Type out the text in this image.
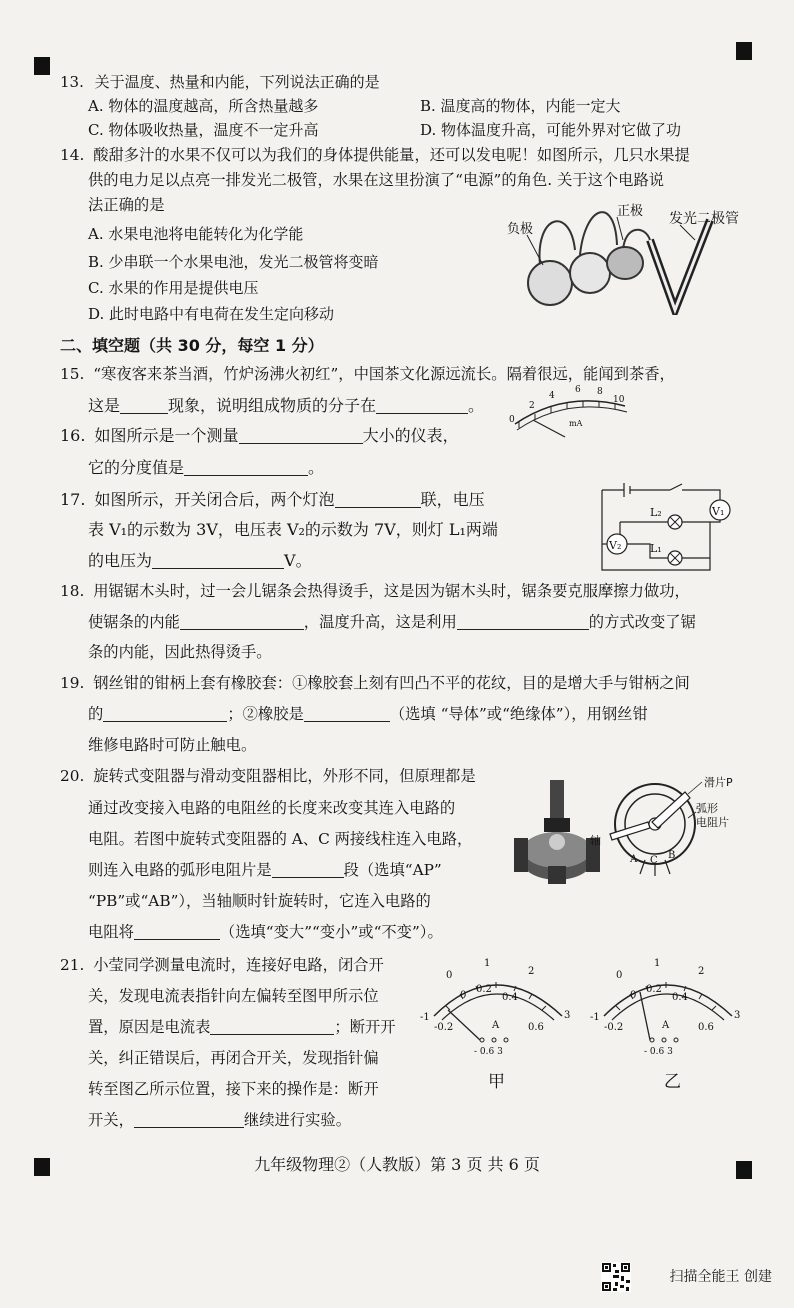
13. 关于温度、热量和内能，下列说法正确的是
A. 物体的温度越高，所含热量越多	B. 温度高的物体，内能一定大
C. 物体吸收热量，温度不一定升高	D. 物体温度升高，可能外界对它做了功
14. 酸甜多汁的水果不仅可以为我们的身体提供能量，还可以发电呢！如图所示，几只水果提
供的电力足以点亮一排发光二极管，水果在这里扮演了“电源”的角色. 关于这个电路说
法正确的是
A. 水果电池将电能转化为化学能
B. 少串联一个水果电池，发光二极管将变暗
C. 水果的作用是提供电压
D. 此时电路中有电荷在发生定向移动
负极
正极 发光二极管
二、填空题（共 30 分，每空 1 分）
15. “寒夜客来茶当酒，竹炉汤沸火初红”，中国茶文化源远流长。隔着很远，能闻到茶香，
这是	现象，说明组成物质的分子在	。
0
2
4
6 8
10
mA
16. 如图所示是一个测量	大小的仪表，
它的分度值是	。
V₁
V₂
L₂
L₁
17. 如图所示，开关闭合后，两个灯泡	联，电压
表 V₁的示数为 3V，电压表 V₂的示数为 7V，则灯 L₁两端
的电压为	V。
18. 用锯锯木头时，过一会儿锯条会热得烫手，这是因为锯木头时，锯条要克服摩擦力做功，
使锯条的内能	，温度升高，这是利用	的方式改变了锯
条的内能，因此热得烫手。
19. 钢丝钳的钳柄上套有橡胶套：①橡胶套上刻有凹凸不平的花纹，目的是增大手与钳柄之间
的	；②橡胶是	（选填 “导体”或“绝缘体”），用钢丝钳
维修电路时可防止触电。
20. 旋转式变阻器与滑动变阻器相比，外形不同，但原理都是
通过改变接入电路的电阻丝的长度来改变其连入电路的
电阻。若图中旋转式变阻器的 A、C 两接线柱连入电路，
则连入电路的弧形电阻片是	段（选填“AP”
“PB”或“AB”），当轴顺时针旋转时，它连入电路的
电阻将	（选填“变大”“变小”或“不变”）。
滑片P
弧形
电阻片
轴
A C B
21. 小莹同学测量电流时，连接好电路，闭合开
关，发现电流表指针向左偏转至图甲所示位
置，原因是电流表	；断开开
关，纠正错误后，再闭合开关，发现指针偏
转至图乙所示位置，接下来的操作是：断开
开关，	继续进行实验。
-1
0
1
2
3
-0.2
0
0.2
0.4
0.6
A
- 0.6 3
甲
-1
0
1
2
3
-0.2
0
0.2
0.4
0.6
A
- 0.6 3
乙
九年级物理②（人教版）第 3 页 共 6 页
扫描全能王 创建
